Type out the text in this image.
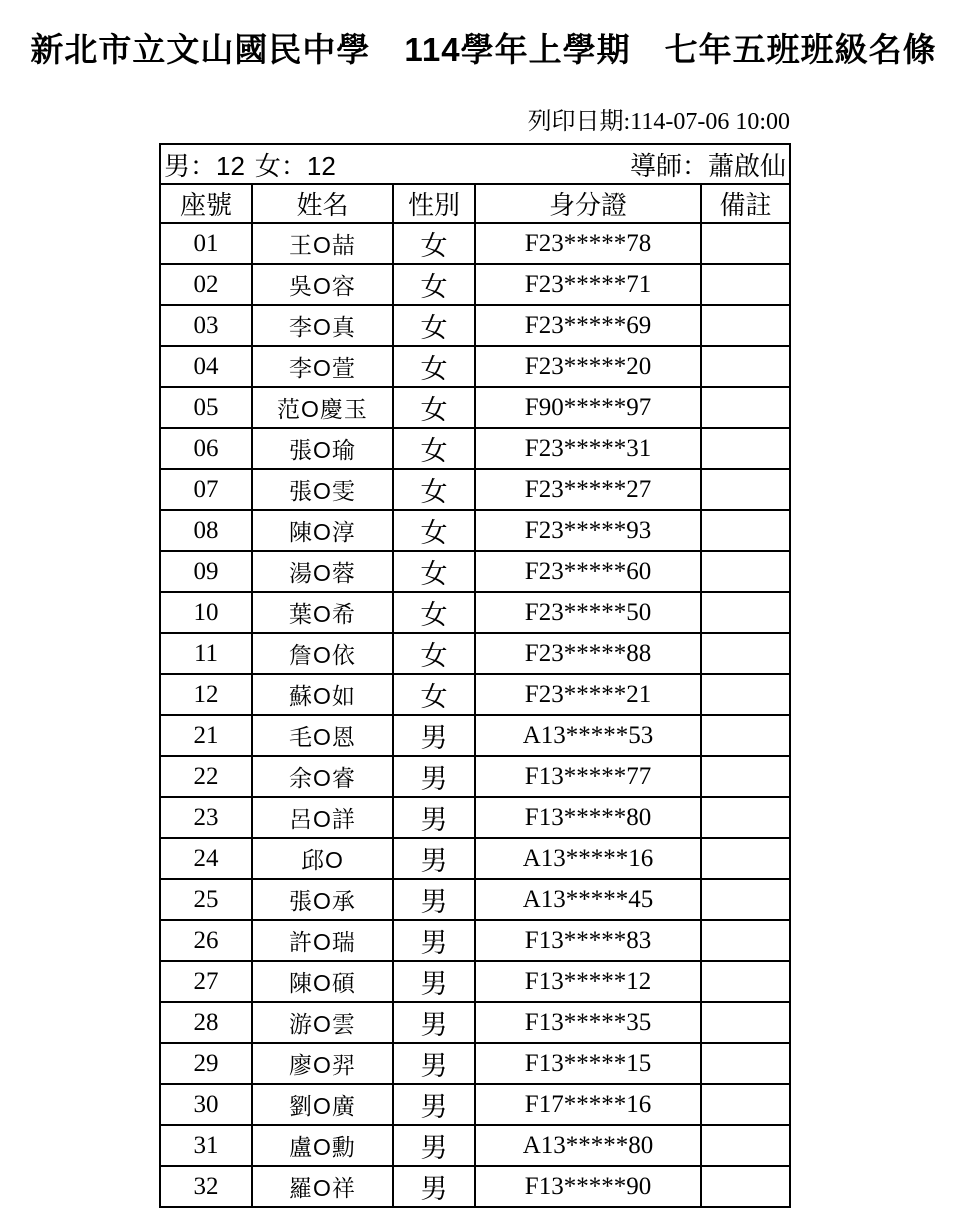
新北市立文山國民中學　114學年上學期　七年五班班級名條
列印日期:114-07-06 10:00
男：12 女：12 導師：蕭啟仙				

座號	姓名	性別	身分證	備註
01	王O喆	女	F23*****78	
02	吳O容	女	F23*****71	
03	李O真	女	F23*****69	
04	李O萱	女	F23*****20	
05	范O慶玉	女	F90*****97	
06	張O瑜	女	F23*****31	
07	張O雯	女	F23*****27	
08	陳O淳	女	F23*****93	
09	湯O蓉	女	F23*****60	
10	葉O希	女	F23*****50	
11	詹O依	女	F23*****88	
12	蘇O如	女	F23*****21	
21	毛O恩	男	A13*****53	
22	余O睿	男	F13*****77	
23	呂O詳	男	F13*****80	
24	邱O	男	A13*****16	
25	張O承	男	A13*****45	
26	許O瑞	男	F13*****83	
27	陳O碩	男	F13*****12	
28	游O雲	男	F13*****35	
29	廖O羿	男	F13*****15	
30	劉O廣	男	F17*****16	
31	盧O勳	男	A13*****80	
32	羅O祥	男	F13*****90	
